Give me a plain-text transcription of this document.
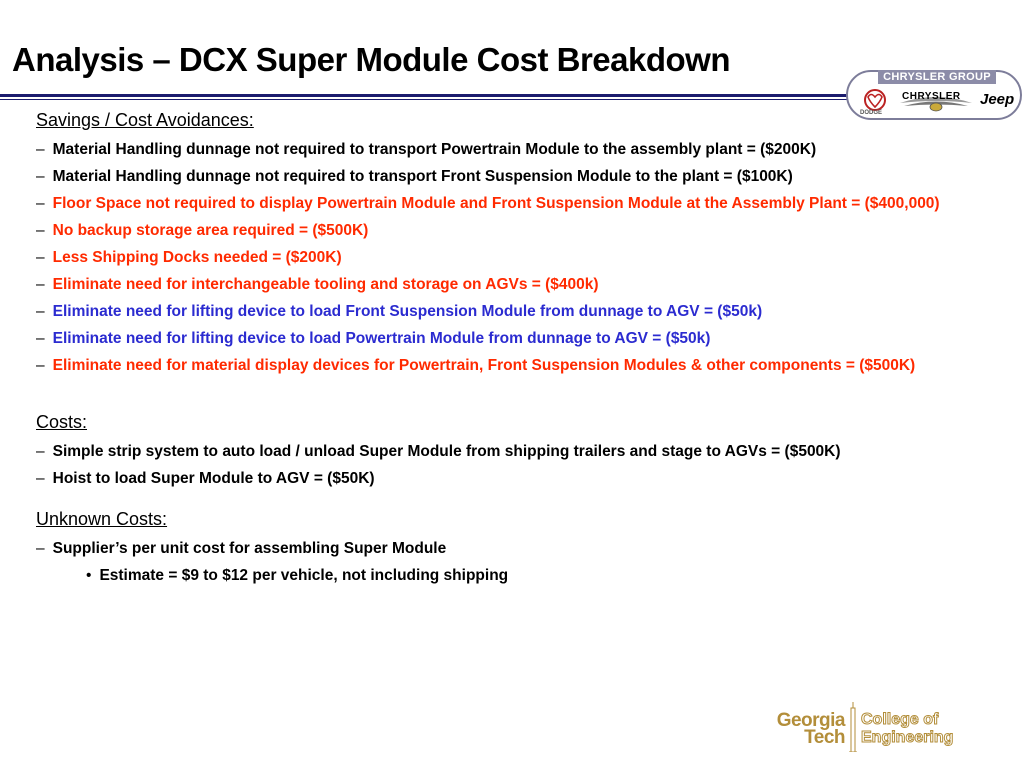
Analysis – DCX Super Module Cost Breakdown	CHRYSLER GROUP
DODGE
CHRYSLER Jeep
Savings / Cost Avoidances:
– Material Handling dunnage not required to transport Powertrain Module to the assembly plant = ($200K)
– Material Handling dunnage not required to transport Front Suspension Module to the plant = ($100K)
– Floor Space not required to display Powertrain Module and Front Suspension Module at the Assembly Plant = ($400,000)
– No backup storage area required = ($500K)
– Less Shipping Docks needed = ($200K)
– Eliminate need for interchangeable tooling and storage on AGVs = ($400k)
– Eliminate need for lifting device to load Front Suspension Module from dunnage to AGV = ($50k)
– Eliminate need for lifting device to load Powertrain Module from dunnage to AGV = ($50k)
– Eliminate need for material display devices for Powertrain, Front Suspension Modules & other components = ($500K)
Costs:
– Simple strip system to auto load / unload Super Module from shipping trailers and stage to AGVs = ($500K)
– Hoist to load Super Module to AGV = ($50K)
Unknown Costs:
– Supplier’s per unit cost for assembling Super Module
• Estimate = $9 to $12 per vehicle, not including shipping
Georgia
Tech
College of
Engineering
